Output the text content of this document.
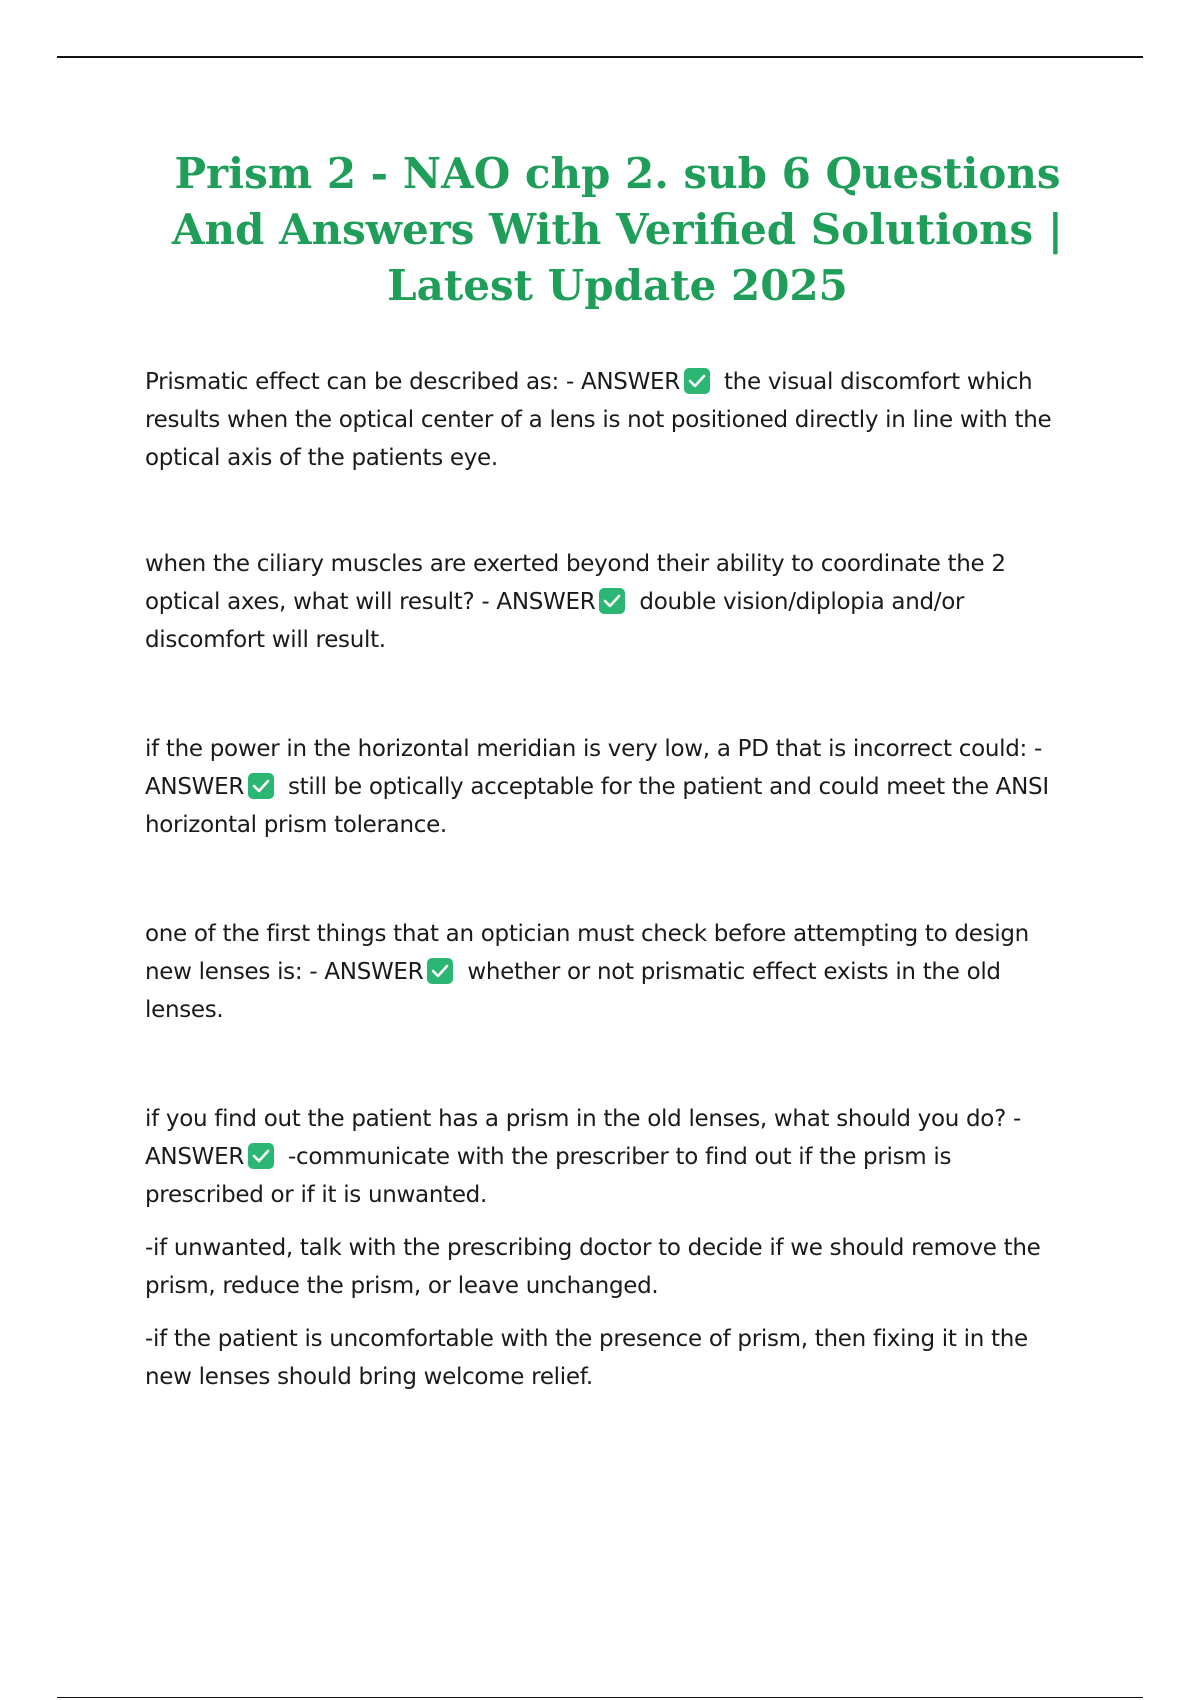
Prism 2 - NAO chp 2. sub 6 Questions And Answers With Verified Solutions | Latest Update 2025

Prismatic effect can be described as: - ANSWER the visual discomfort which results when the optical center of a lens is not positioned directly in line with the optical axis of the patients eye.

when the ciliary muscles are exerted beyond their ability to coordinate the 2 optical axes, what will result? - ANSWER double vision/diplopia and/or discomfort will result.

if the power in the horizontal meridian is very low, a PD that is incorrect could: - ANSWER still be optically acceptable for the patient and could meet the ANSI horizontal prism tolerance.

one of the first things that an optician must check before attempting to design new lenses is: - ANSWER whether or not prismatic effect exists in the old lenses.

if you find out the patient has a prism in the old lenses, what should you do? - ANSWER -communicate with the prescriber to find out if the prism is prescribed or if it is unwanted.

-if unwanted, talk with the prescribing doctor to decide if we should remove the prism, reduce the prism, or leave unchanged.

-if the patient is uncomfortable with the presence of prism, then fixing it in the new lenses should bring welcome relief.
